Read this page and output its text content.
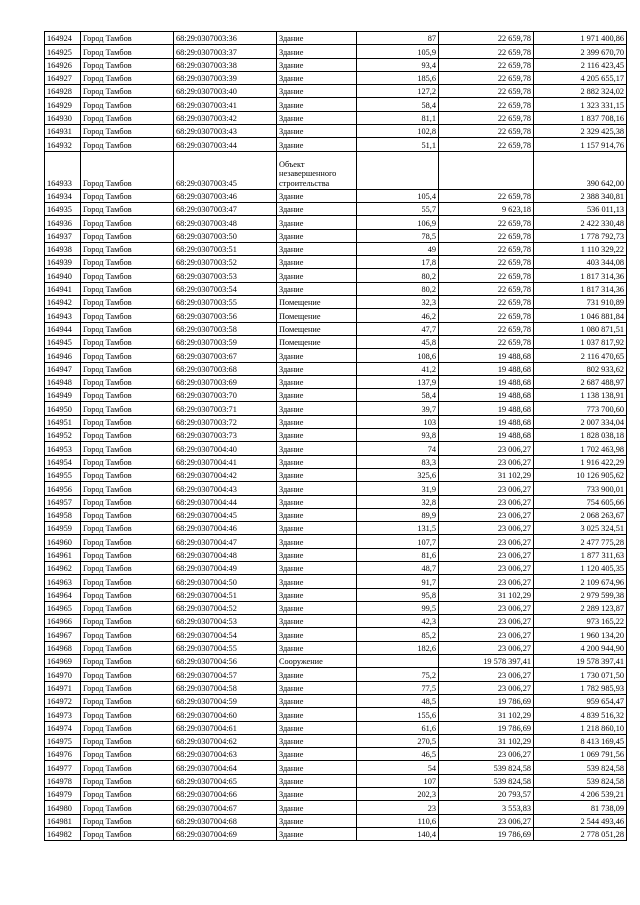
164924	Город Тамбов	68:29:0307003:36	Здание	87	22 659,78	1 971 400,86
164925	Город Тамбов	68:29:0307003:37	Здание	105,9	22 659,78	2 399 670,70
164926	Город Тамбов	68:29:0307003:38	Здание	93,4	22 659,78	2 116 423,45
164927	Город Тамбов	68:29:0307003:39	Здание	185,6	22 659,78	4 205 655,17
164928	Город Тамбов	68:29:0307003:40	Здание	127,2	22 659,78	2 882 324,02
164929	Город Тамбов	68:29:0307003:41	Здание	58,4	22 659,78	1 323 331,15
164930	Город Тамбов	68:29:0307003:42	Здание	81,1	22 659,78	1 837 708,16
164931	Город Тамбов	68:29:0307003:43	Здание	102,8	22 659,78	2 329 425,38
164932	Город Тамбов	68:29:0307003:44	Здание	51,1	22 659,78	1 157 914,76
164933	Город Тамбов	68:29:0307003:45	Объект незавершенного строительства			390 642,00
164934	Город Тамбов	68:29:0307003:46	Здание	105,4	22 659,78	2 388 340,81
164935	Город Тамбов	68:29:0307003:47	Здание	55,7	9 623,18	536 011,13
164936	Город Тамбов	68:29:0307003:48	Здание	106,9	22 659,78	2 422 330,48
164937	Город Тамбов	68:29:0307003:50	Здание	78,5	22 659,78	1 778 792,73
164938	Город Тамбов	68:29:0307003:51	Здание	49	22 659,78	1 110 329,22
164939	Город Тамбов	68:29:0307003:52	Здание	17,8	22 659,78	403 344,08
164940	Город Тамбов	68:29:0307003:53	Здание	80,2	22 659,78	1 817 314,36
164941	Город Тамбов	68:29:0307003:54	Здание	80,2	22 659,78	1 817 314,36
164942	Город Тамбов	68:29:0307003:55	Помещение	32,3	22 659,78	731 910,89
164943	Город Тамбов	68:29:0307003:56	Помещение	46,2	22 659,78	1 046 881,84
164944	Город Тамбов	68:29:0307003:58	Помещение	47,7	22 659,78	1 080 871,51
164945	Город Тамбов	68:29:0307003:59	Помещение	45,8	22 659,78	1 037 817,92
164946	Город Тамбов	68:29:0307003:67	Здание	108,6	19 488,68	2 116 470,65
164947	Город Тамбов	68:29:0307003:68	Здание	41,2	19 488,68	802 933,62
164948	Город Тамбов	68:29:0307003:69	Здание	137,9	19 488,68	2 687 488,97
164949	Город Тамбов	68:29:0307003:70	Здание	58,4	19 488,68	1 138 138,91
164950	Город Тамбов	68:29:0307003:71	Здание	39,7	19 488,68	773 700,60
164951	Город Тамбов	68:29:0307003:72	Здание	103	19 488,68	2 007 334,04
164952	Город Тамбов	68:29:0307003:73	Здание	93,8	19 488,68	1 828 038,18
164953	Город Тамбов	68:29:0307004:40	Здание	74	23 006,27	1 702 463,98
164954	Город Тамбов	68:29:0307004:41	Здание	83,3	23 006,27	1 916 422,29
164955	Город Тамбов	68:29:0307004:42	Здание	325,6	31 102,29	10 126 905,62
164956	Город Тамбов	68:29:0307004:43	Здание	31,9	23 006,27	733 900,01
164957	Город Тамбов	68:29:0307004:44	Здание	32,8	23 006,27	754 605,66
164958	Город Тамбов	68:29:0307004:45	Здание	89,9	23 006,27	2 068 263,67
164959	Город Тамбов	68:29:0307004:46	Здание	131,5	23 006,27	3 025 324,51
164960	Город Тамбов	68:29:0307004:47	Здание	107,7	23 006,27	2 477 775,28
164961	Город Тамбов	68:29:0307004:48	Здание	81,6	23 006,27	1 877 311,63
164962	Город Тамбов	68:29:0307004:49	Здание	48,7	23 006,27	1 120 405,35
164963	Город Тамбов	68:29:0307004:50	Здание	91,7	23 006,27	2 109 674,96
164964	Город Тамбов	68:29:0307004:51	Здание	95,8	31 102,29	2 979 599,38
164965	Город Тамбов	68:29:0307004:52	Здание	99,5	23 006,27	2 289 123,87
164966	Город Тамбов	68:29:0307004:53	Здание	42,3	23 006,27	973 165,22
164967	Город Тамбов	68:29:0307004:54	Здание	85,2	23 006,27	1 960 134,20
164968	Город Тамбов	68:29:0307004:55	Здание	182,6	23 006,27	4 200 944,90
164969	Город Тамбов	68:29:0307004:56	Сооружение		19 578 397,41	19 578 397,41
164970	Город Тамбов	68:29:0307004:57	Здание	75,2	23 006,27	1 730 071,50
164971	Город Тамбов	68:29:0307004:58	Здание	77,5	23 006,27	1 782 985,93
164972	Город Тамбов	68:29:0307004:59	Здание	48,5	19 786,69	959 654,47
164973	Город Тамбов	68:29:0307004:60	Здание	155,6	31 102,29	4 839 516,32
164974	Город Тамбов	68:29:0307004:61	Здание	61,6	19 786,69	1 218 860,10
164975	Город Тамбов	68:29:0307004:62	Здание	270,5	31 102,29	8 413 169,45
164976	Город Тамбов	68:29:0307004:63	Здание	46,5	23 006,27	1 069 791,56
164977	Город Тамбов	68:29:0307004:64	Здание	54	539 824,58	539 824,58
164978	Город Тамбов	68:29:0307004:65	Здание	107	539 824,58	539 824,58
164979	Город Тамбов	68:29:0307004:66	Здание	202,3	20 793,57	4 206 539,21
164980	Город Тамбов	68:29:0307004:67	Здание	23	3 553,83	81 738,09
164981	Город Тамбов	68:29:0307004:68	Здание	110,6	23 006,27	2 544 493,46
164982	Город Тамбов	68:29:0307004:69	Здание	140,4	19 786,69	2 778 051,28
